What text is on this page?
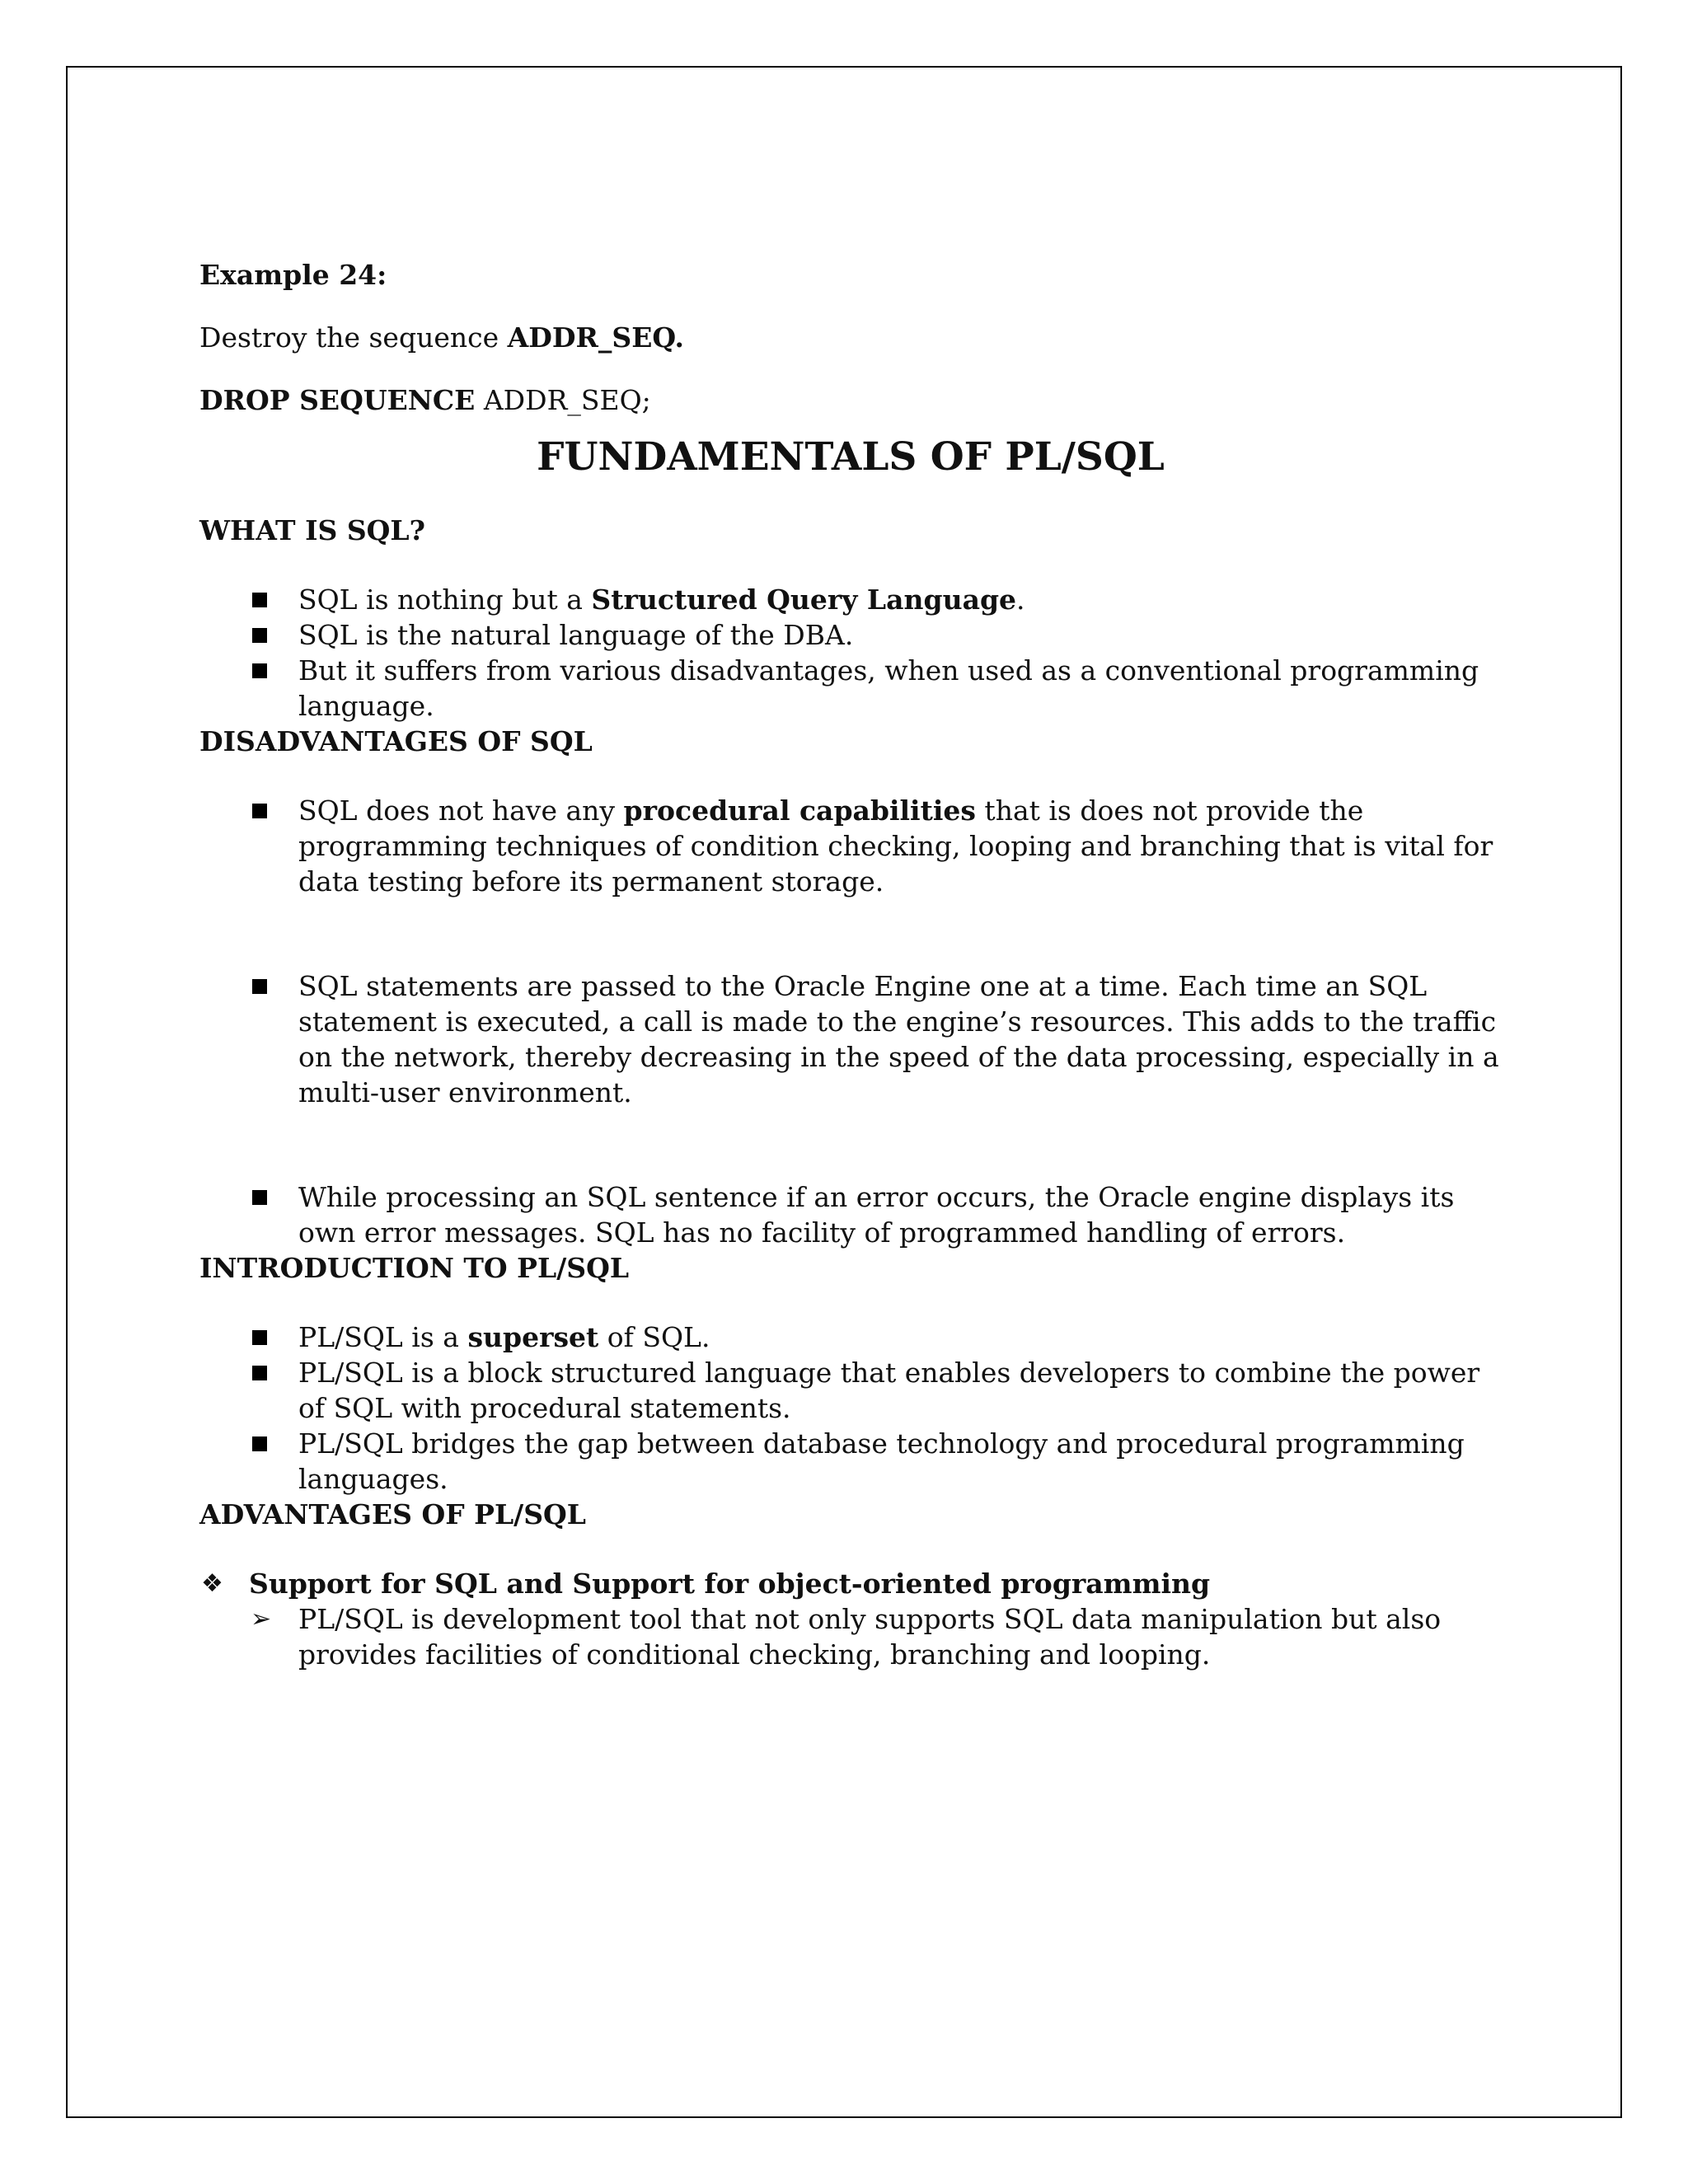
Example 24:

Destroy the sequence ADDR_SEQ.

DROP SEQUENCE ADDR_SEQ;

FUNDAMENTALS OF PL/SQL

WHAT IS SQL?

SQL is nothing but a Structured Query Language.
SQL is the natural language of the DBA.
But it suffers from various disadvantages, when used as a conventional programming language.

DISADVANTAGES OF SQL

SQL does not have any procedural capabilities that is does not provide the programming techniques of condition checking, looping and branching that is vital for data testing before its permanent storage.
SQL statements are passed to the Oracle Engine one at a time. Each time an SQL statement is executed, a call is made to the engine’s resources. This adds to the traffic on the network, thereby decreasing in the speed of the data processing, especially in a multi-user environment.
While processing an SQL sentence if an error occurs, the Oracle engine displays its own error messages. SQL has no facility of programmed handling of errors.

INTRODUCTION TO PL/SQL

PL/SQL is a superset of SQL.
PL/SQL is a block structured language that enables developers to combine the power of SQL with procedural statements.
PL/SQL bridges the gap between database technology and procedural programming languages.

ADVANTAGES OF PL/SQL

❖ Support for SQL and Support for object-oriented programming

➢ PL/SQL is development tool that not only supports SQL data manipulation but also provides facilities of conditional checking, branching and looping.
